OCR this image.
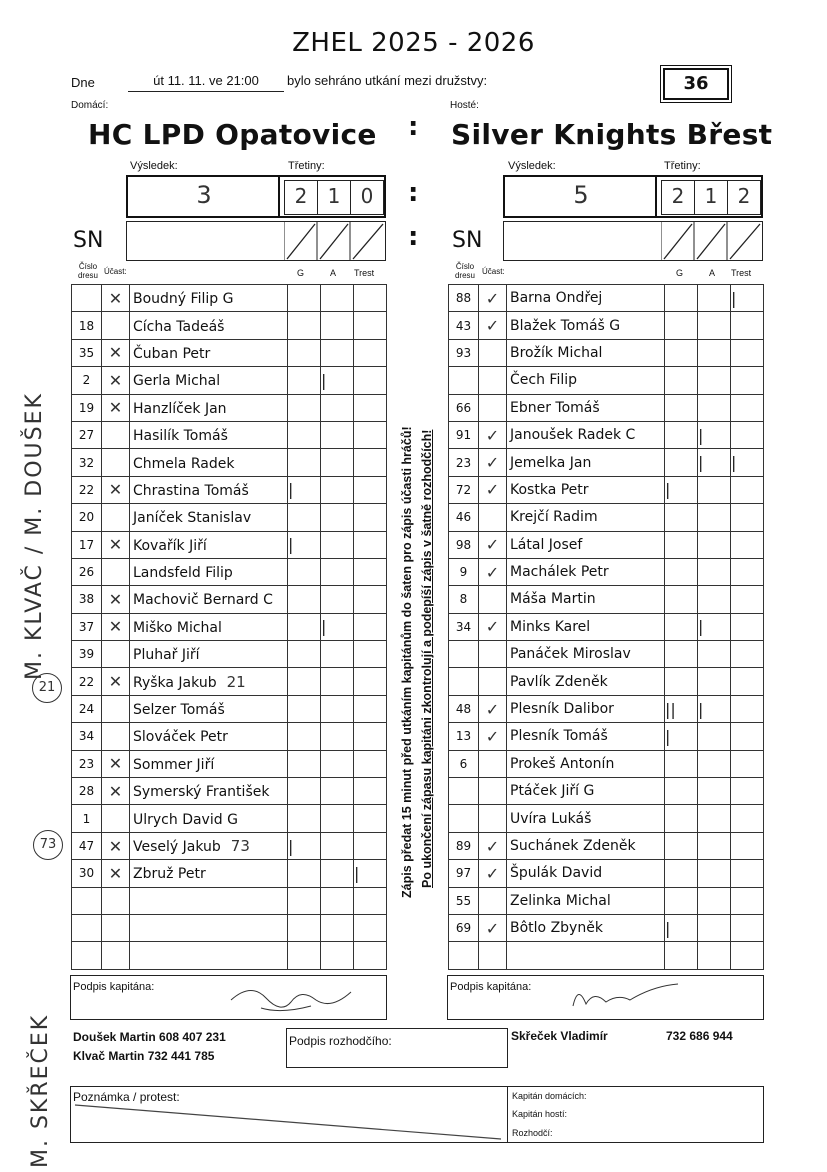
ZHEL 2025 - 2026
Dne	út 11. 11. ve 21:00	bylo sehráno utkání mezi družstvy:	36
Domácí:	Hosté:
HC LPD Opatovice : Silver Knights Břest
Výsledek:	Třetiny:
3	2	1	0
Výsledek:	Třetiny:
5	2	1	2
:
:
SN	SN
Číslo dresu Účast:	G	A Trest
Číslo dresu Účast:	G	A Trest
	✕	Boudný Filip G			
18		Cícha Tadeáš			
35	✕	Čuban Petr			
2	✕	Gerla Michal		|	
19	✕	Hanzlíček Jan			
27		Hasilík Tomáš			
32		Chmela Radek			
22	✕	Chrastina Tomáš	|		
20		Janíček Stanislav			
17	✕	Kovařík Jiří	|		
26		Landsfeld Filip			
38	✕	Machovič Bernard C			
37	✕	Miško Michal		|	
39		Pluhař Jiří			
22	✕	Ryška Jakub 21			
24		Selzer Tomáš			
34		Slováček Petr			
23	✕	Sommer Jiří			
28	✕	Symerský František			
1		Ulrych David G			
47	✕	Veselý Jakub 73	|		
30	✕	Zbruž Petr			|

88	✓	Barna Ondřej			|
43	✓	Blažek Tomáš G			
93		Brožík Michal			
		Čech Filip			
66		Ebner Tomáš			
91	✓	Janoušek Radek C		|	
23	✓	Jemelka Jan		|	|
72	✓	Kostka Petr	|		
46		Krejčí Radim			
98	✓	Látal Josef			
9	✓	Machálek Petr			
8		Máša Martin			
34	✓	Minks Karel		|	
		Panáček Miroslav			
		Pavlík Zdeněk			
48	✓	Plesník Dalibor	||	|	
13	✓	Plesník Tomáš	|		
6		Prokeš Antonín			
		Ptáček Jiří G			
		Uvíra Lukáš			
89	✓	Suchánek Zdeněk			
97	✓	Špulák David			
55		Zelinka Michal			
69	✓	Bôtlo Zbyněk	|		

Zápis předat 15 minut před utkáním kapitánům do šaten pro zápis účasti hráčů! Po ukončení zápasu kapitáni zkontrolují a podepíší zápis v šatně rozhodčích!
M. KLVAČ / M. DOUŠEK
21
73
M. SKŘEČEK
Podpis kapitána:	Podpis kapitána:
Doušek Martin 608 407 231
Klvač Martin 732 441 785
Podpis rozhodčího:	Skřeček Vladimír	732 686 944
Poznámka / protest:	Kapitán domácích:
Kapitán hostí:
Rozhodčí:
